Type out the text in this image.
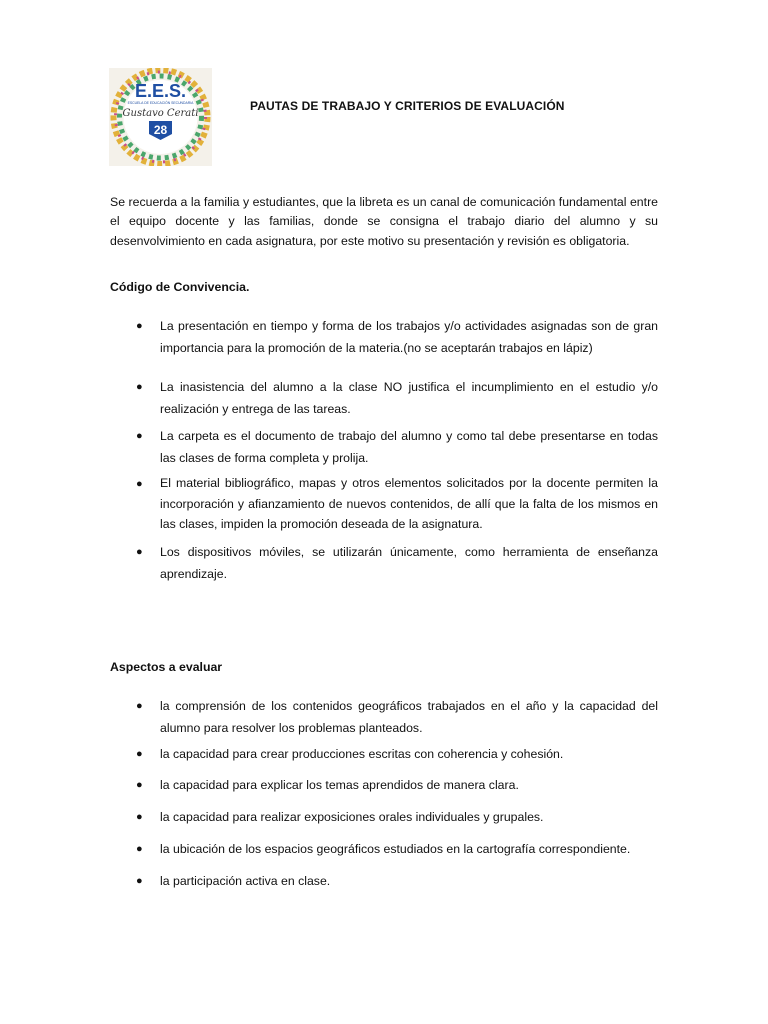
E.E.S.
ESCUELA DE EDUCACIÓN SECUNDARIA
Gustavo Cerati
28
PAUTAS DE TRABAJO Y CRITERIOS DE EVALUACIÓN
Se recuerda a la familia y estudiantes, que la libreta es un canal de comunicación fundamental entre el equipo docente y las familias, donde se consigna el trabajo diario del alumno y su desenvolvimiento en cada asignatura, por este motivo su presentación y revisión es obligatoria.
Código de Convivencia.
● La presentación en tiempo y forma de los trabajos y/o actividades asignadas son de gran importancia para la promoción de la materia.(no se aceptarán trabajos en lápiz)
● La inasistencia del alumno a la clase NO justifica el incumplimiento en el estudio y/o realización y entrega de las tareas.
● La carpeta es el documento de trabajo del alumno y como tal debe presentarse en todas las clases de forma completa y prolija.
● El material bibliográfico, mapas y otros elementos solicitados por la docente permiten la incorporación y afianzamiento de nuevos contenidos, de allí que la falta de los mismos en las clases, impiden la promoción deseada de la asignatura.
● Los dispositivos móviles, se utilizarán únicamente, como herramienta de enseñanza aprendizaje.
Aspectos a evaluar
● la comprensión de los contenidos geográficos trabajados en el año y la capacidad del alumno para resolver los problemas planteados.
● la capacidad para crear producciones escritas con coherencia y cohesión.
● la capacidad para explicar los temas aprendidos de manera clara.
● la capacidad para realizar exposiciones orales individuales y grupales.
● la ubicación de los espacios geográficos estudiados en la cartografía correspondiente.
● la participación activa en clase.
